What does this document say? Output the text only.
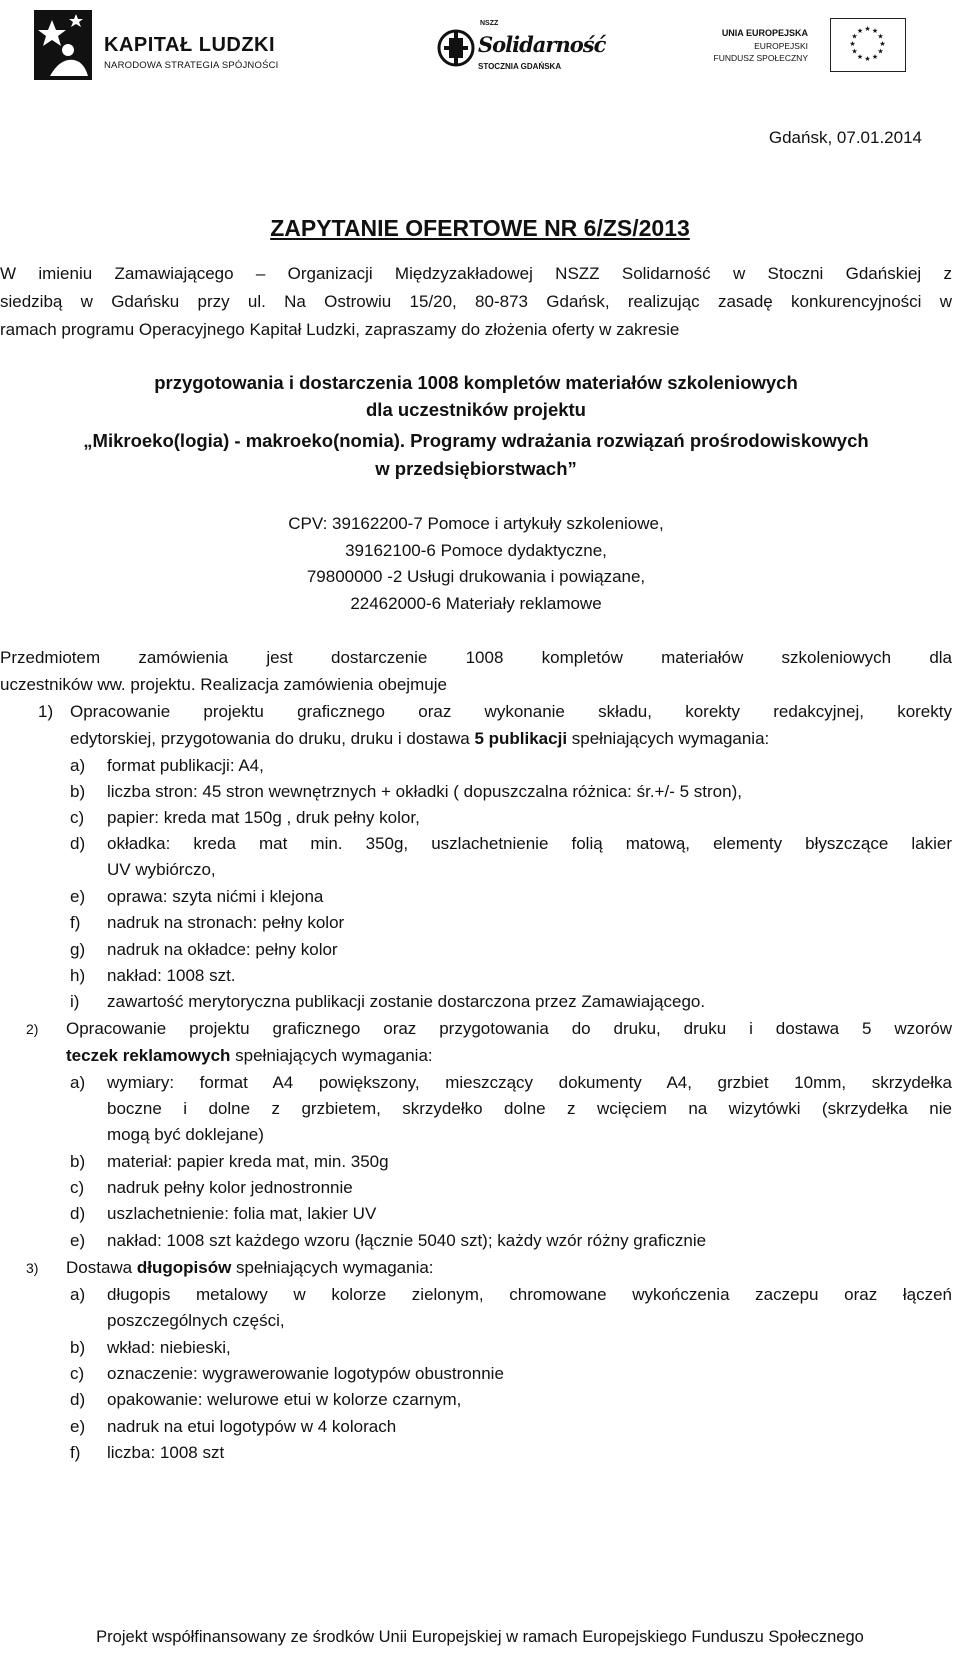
KAPITAŁ LUDZKI
NARODOWA STRATEGIA SPÓJNOŚCI
NSZZ
Solidarność
STOCZNIA GDAŃSKA
UNIA EUROPEJSKA
EUROPEJSKI
FUNDUSZ SPOŁECZNY
★ ★
★
★
★
★
★
★
★
★
★
★
Gdańsk, 07.01.2014
ZAPYTANIE OFERTOWE NR 6/ZS/2013
W imieniu Zamawiającego – Organizacji Międzyzakładowej NSZZ Solidarność w Stoczni Gdańskiej z
siedzibą w Gdańsku przy ul. Na Ostrowiu 15/20, 80-873 Gdańsk, realizując zasadę konkurencyjności w
ramach programu Operacyjnego Kapitał Ludzki, zapraszamy do złożenia oferty w zakresie
przygotowania i dostarczenia 1008 kompletów materiałów szkoleniowych
dla uczestników projektu
„Mikroeko(logia) - makroeko(nomia). Programy wdrażania rozwiązań prośrodowiskowych
w przedsiębiorstwach”
CPV: 39162200-7 Pomoce i artykuły szkoleniowe,
39162100-6 Pomoce dydaktyczne,
79800000 -2 Usługi drukowania i powiązane,
22462000-6 Materiały reklamowe
Przedmiotem zamówienia jest dostarczenie 1008 kompletów materiałów szkoleniowych dla
uczestników ww. projektu. Realizacja zamówienia obejmuje
1) Opracowanie projektu graficznego oraz wykonanie składu, korekty redakcyjnej, korekty
edytorskiej, przygotowania do druku, druku i dostawa 5 publikacji spełniających wymagania:
a) format publikacji: A4,
b) liczba stron: 45 stron wewnętrznych + okładki ( dopuszczalna różnica: śr.+/- 5 stron),
c) papier: kreda mat 150g , druk pełny kolor,
d) okładka: kreda mat min. 350g, uszlachetnienie folią matową, elementy błyszczące lakier
UV wybiórczo,
e) oprawa: szyta nićmi i klejona
f) nadruk na stronach: pełny kolor
g) nadruk na okładce: pełny kolor
h) nakład: 1008 szt.
i) zawartość merytoryczna publikacji zostanie dostarczona przez Zamawiającego.
2) Opracowanie projektu graficznego oraz przygotowania do druku, druku i dostawa 5 wzorów
teczek reklamowych spełniających wymagania:
a) wymiary: format A4 powiększony, mieszczący dokumenty A4, grzbiet 10mm, skrzydełka
boczne i dolne z grzbietem, skrzydełko dolne z wcięciem na wizytówki (skrzydełka nie
mogą być doklejane)
b) materiał: papier kreda mat, min. 350g
c) nadruk pełny kolor jednostronnie
d) uszlachetnienie: folia mat, lakier UV
e) nakład: 1008 szt każdego wzoru (łącznie 5040 szt); każdy wzór różny graficznie
3) Dostawa długopisów spełniających wymagania:
a) długopis metalowy w kolorze zielonym, chromowane wykończenia zaczepu oraz łączeń
poszczególnych części,
b) wkład: niebieski,
c) oznaczenie: wygrawerowanie logotypów obustronnie
d) opakowanie: welurowe etui w kolorze czarnym,
e) nadruk na etui logotypów w 4 kolorach
f) liczba: 1008 szt
Projekt współfinansowany ze środków Unii Europejskiej w ramach Europejskiego Funduszu Społecznego
